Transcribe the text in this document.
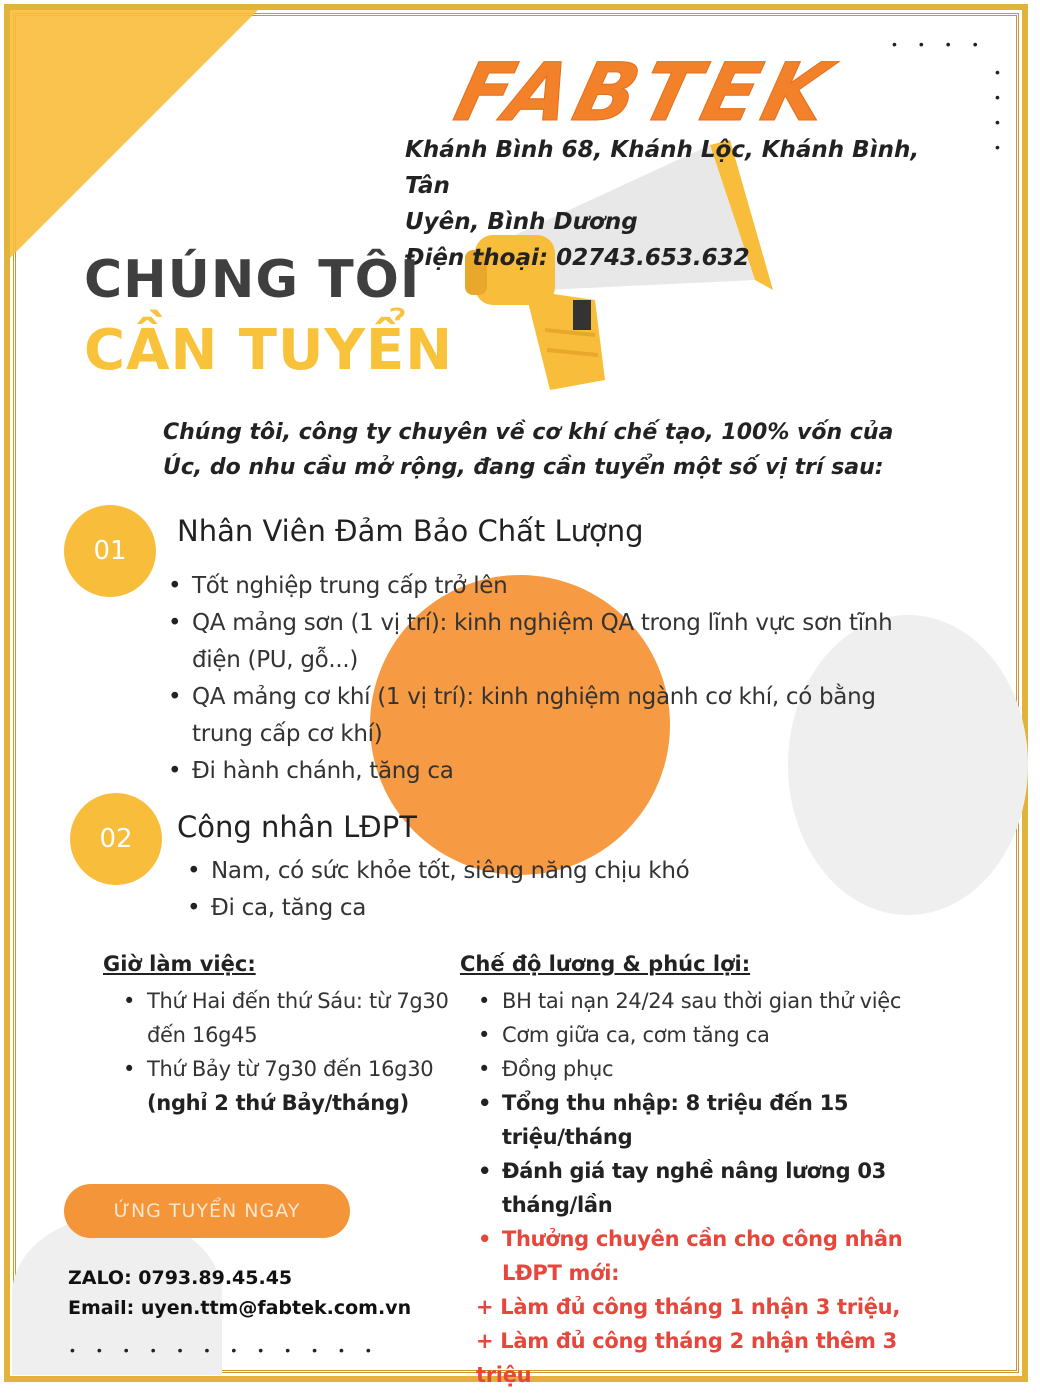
••••
•
•
•
•
••••••••••••
FABTEK
Khánh Bình 68, Khánh Lộc, Khánh Bình, Tân
Uyên, Bình Dương
Điện thoại: 02743.653.632
CHÚNG TÔI
CẦN TUYỂN
Chúng tôi, công ty chuyên về cơ khí chế tạo, 100% vốn của
Úc, do nhu cầu mở rộng, đang cần tuyển một số vị trí sau:
01
Nhân Viên Đảm Bảo Chất Lượng
• Tốt nghiệp trung cấp trở lên
• QA mảng sơn (1 vị trí): kinh nghiệm QA trong lĩnh vực sơn tĩnh điện (PU, gỗ...)
• QA mảng cơ khí (1 vị trí): kinh nghiệm ngành cơ khí, có bằng trung cấp cơ khí)
• Đi hành chánh, tăng ca
02	Công nhân LĐPT
• Nam, có sức khỏe tốt, siêng năng chịu khó
• Đi ca, tăng ca
Giờ làm việc:
• Thứ Hai đến thứ Sáu: từ 7g30 đến 16g45
• Thứ Bảy từ 7g30 đến 16g30
(nghỉ 2 thứ Bảy/tháng)
Chế độ lương & phúc lợi:
• BH tai nạn 24/24 sau thời gian thử việc
• Cơm giữa ca, cơm tăng ca
• Đồng phục
• Tổng thu nhập: 8 triệu đến 15 triệu/tháng
• Đánh giá tay nghề nâng lương 03 tháng/lần
• Thưởng chuyên cần cho công nhân LĐPT mới:
+ Làm đủ công tháng 1 nhận 3 triệu,
+ Làm đủ công tháng 2 nhận thêm 3 triệu
ỨNG TUYỂN NGAY
ZALO: 0793.89.45.45
Email: uyen.ttm@fabtek.com.vn
